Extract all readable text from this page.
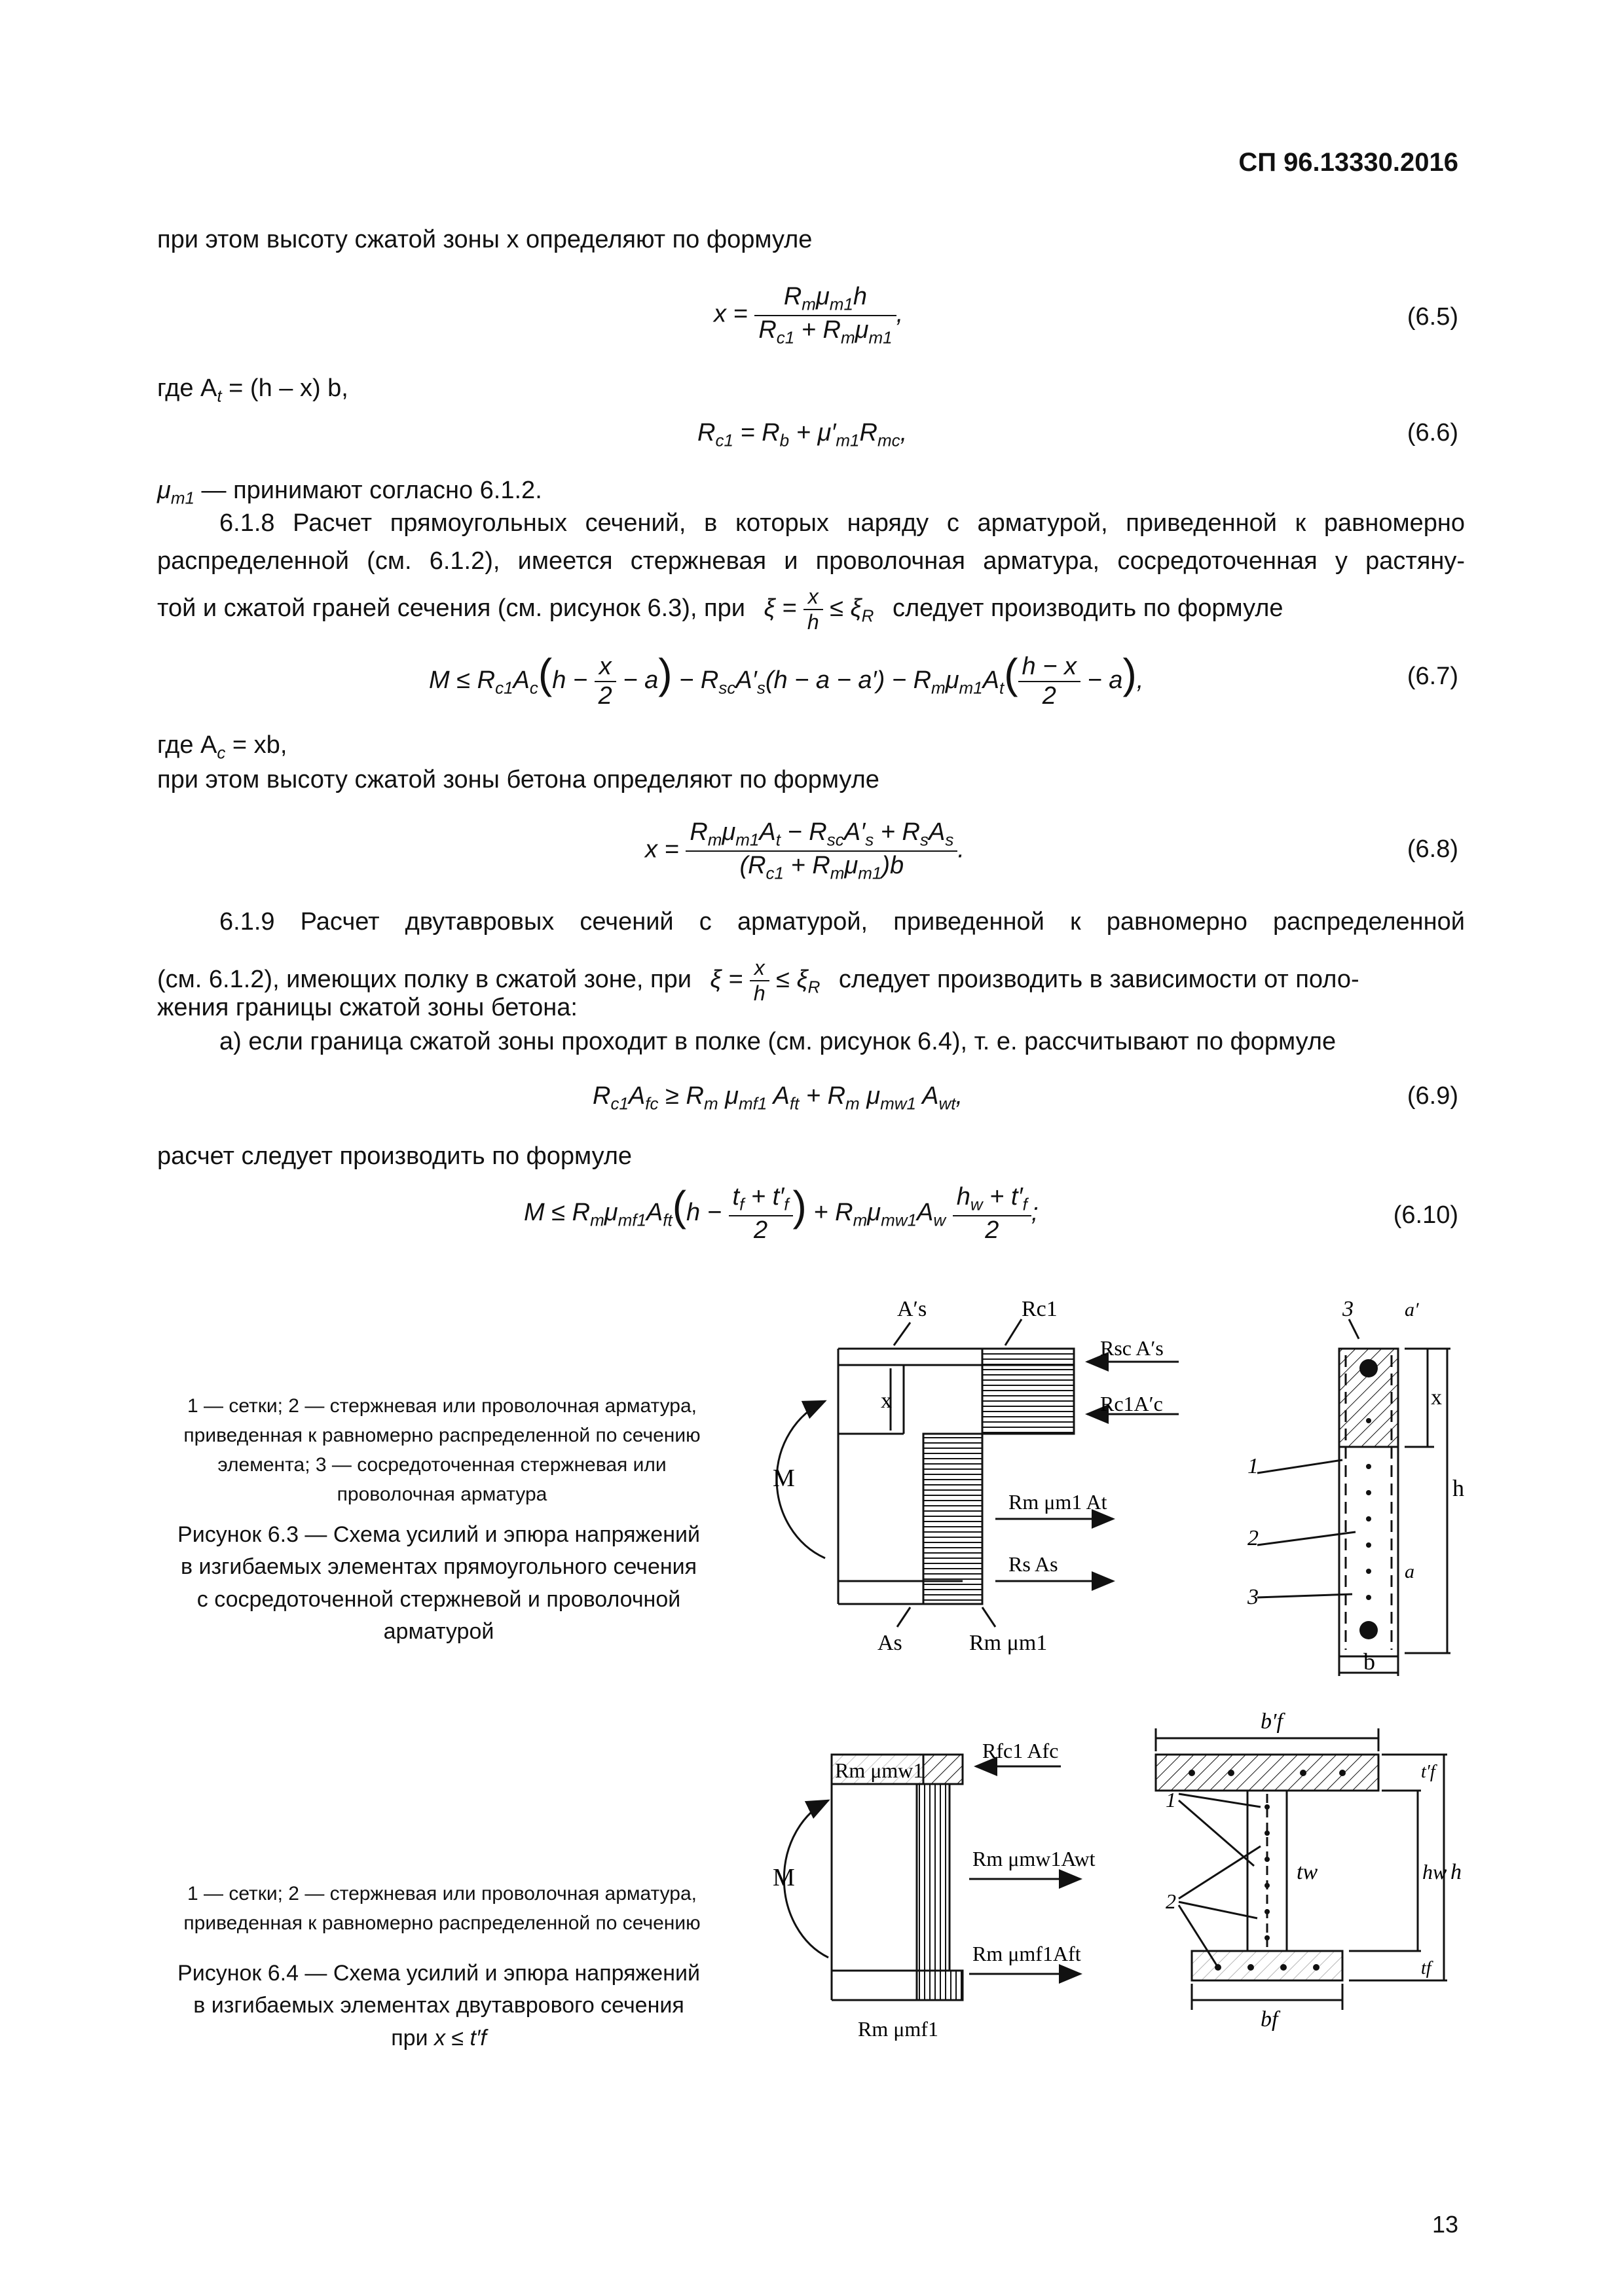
СП 96.13330.2016
при этом высоту сжатой зоны x определяют по формуле
$x = \frac{R_m\mu_{m1}h}{R_{c1} + R_m\mu_{m1}}$ ,	(6.5)
где $A_t = (h - x)$ b,
$R_{c1} = R_b + \mu'_{m1}R_{mc}$,	(6.6)
$\mu_{m1}$ — принимают согласно 6.1.2.
6.1.8 Расчет прямоугольных сечений, в которых наряду с арматурой, приведенной к равномерно
распределенной (см. 6.1.2), имеется стержневая и проволочная арматура, сосредоточенная у растяну-
той и сжатой граней сечения (см. рисунок 6.3), при $\xi = \frac{x}{h} \le \xi_R$ следует производить по формуле
$M \le R_{c1}A_c(h - \frac{x}{2} - a) - R_{sc}A'_s(h - a - a') - R_m\mu_{m1}A_t( \frac{h - x}{2} - a)$,	(6.7)
где $A_c$ = xb,
при этом высоту сжатой зоны бетона определяют по формуле
$x = \frac{R_m\mu_{m1}A_t - R_{sc}A'_s + R_sA_s}{(R_{c1} + R_m\mu_{m1})b}$ .	(6.8)
6.1.9 Расчет двутавровых сечений с арматурой, приведенной к равномерно распределенной
(см. 6.1.2), имеющих полку в сжатой зоне, при $\xi = \frac{x}{h} \le \xi_R$ следует производить в зависимости от поло-
жения границы сжатой зоны бетона:
а) если граница сжатой зоны проходит в полке (см. рисунок 6.4), т. е. рассчитывают по формуле
$R_{c1}A_{fc} \ge R_m$ $\mu_{mf1}$ $A_{ft} + R_m$ $\mu_{mw1}$ $A_{wt}$,	(6.9)
расчет следует производить по формуле
$M \le R_m\mu_{mf1}A_{ft}(h - \frac{t_f + t'_f}{2}$ ) + $R_m\mu_{mw1}A_w \frac{h_w + t'_f}{2}$ ;	(6.10)
1 — сетки; 2 — стержневая или проволочная арматура, приведенная к равномерно распределенной по сечению элемента; 3 — сосредоточенная стержневая или проволочная арматура
Рисунок 6.3 — Схема усилий и эпюра напряжений в изгибаемых элементах прямоугольного сечения с сосредоточенной стержневой и проволочной арматурой
A′s	Rc1
Rsc A′s
Rc1A′c
x
M
Rm μm1 At
Rs As
As	Rm μm1
3	a′
1
2
3
a
x
h
b
1 — сетки; 2 — стержневая или проволочная арматура, приведенная к равномерно распределенной по сечению
Рисунок 6.4 — Схема усилий и эпюра напряжений в изгибаемых элементах двутаврового сечения при x ≤ t′f
Rm μmw1
Rfc1 Afc
Rm μmw1Awt
Rm μmf1Aft
Rm μmf1
M
b′f
bf
tw	hw h
t′f
tf
1
2
13
